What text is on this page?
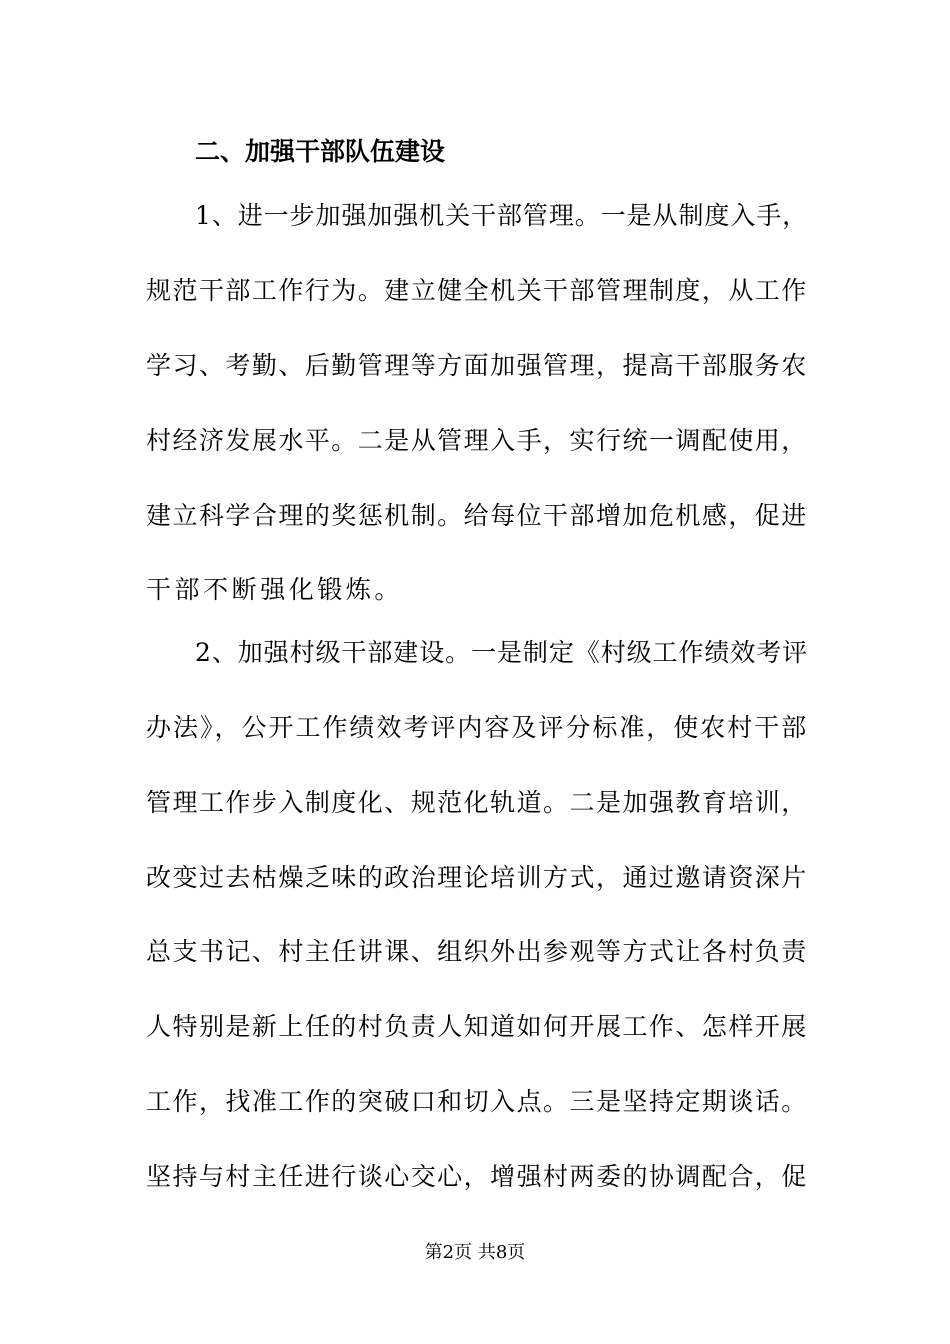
二、加强干部队伍建设
1、进一步加强加强机关干部管理。一是从制度入手，
规范干部工作行为。建立健全机关干部管理制度，从工作
学习、考勤、后勤管理等方面加强管理，提高干部服务农
村经济发展水平。二是从管理入手，实行统一调配使用，
建立科学合理的奖惩机制。给每位干部增加危机感，促进
干部不断强化锻炼。
2、加强村级干部建设。一是制定《村级工作绩效考评
办法》，公开工作绩效考评内容及评分标准，使农村干部
管理工作步入制度化、规范化轨道。二是加强教育培训，
改变过去枯燥乏味的政治理论培训方式，通过邀请资深片
总支书记、村主任讲课、组织外出参观等方式让各村负责
人特别是新上任的村负责人知道如何开展工作、怎样开展
工作，找准工作的突破口和切入点。三是坚持定期谈话。
坚持与村主任进行谈心交心，增强村两委的协调配合，促
第2页 共8页
